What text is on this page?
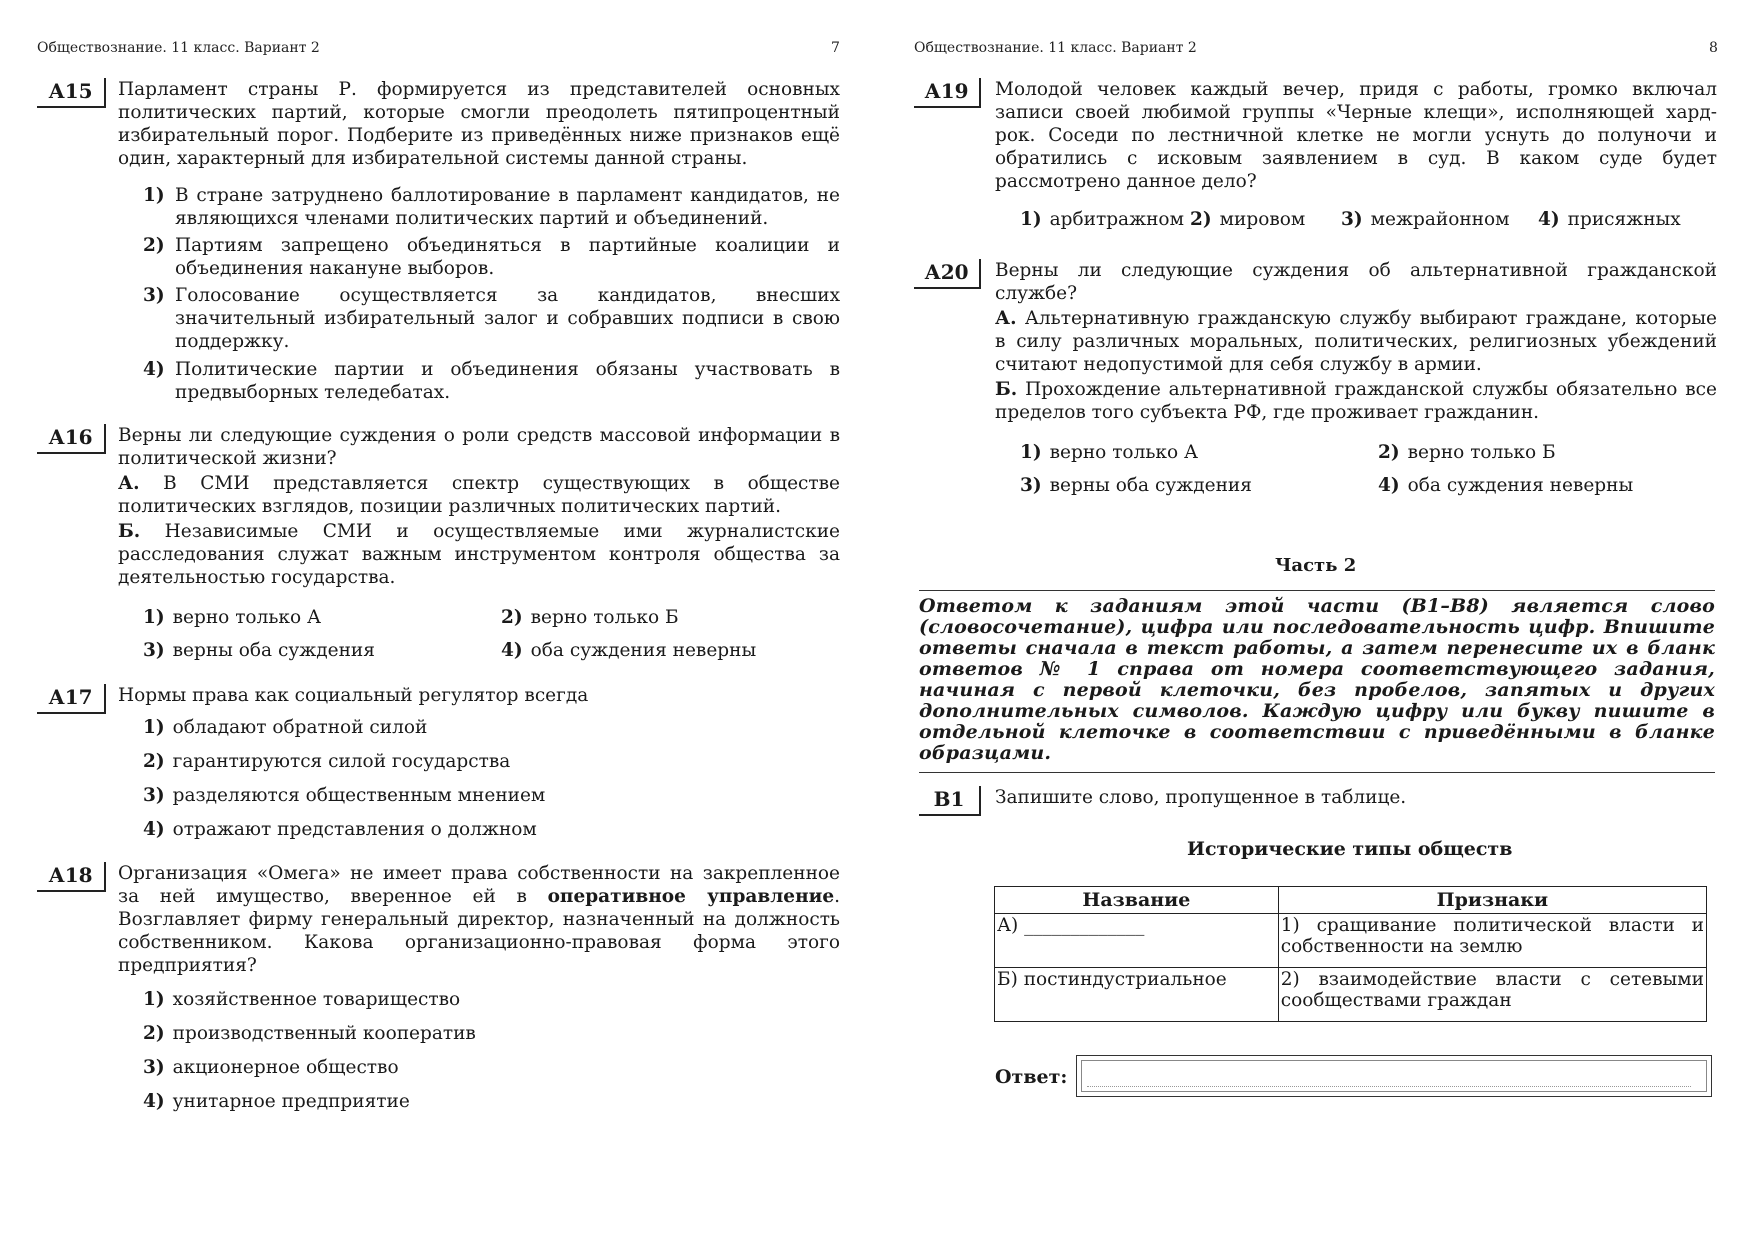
Обществознание. 11 класс. Вариант 2	7
А15	Парламент страны Р. формируется из представителей основных политических партий, которые смогли преодолеть пятипроцентный избирательный порог. Подберите из приведённых ниже признаков ещё один, характерный для избирательной системы данной страны.

1) В стране затруднено баллотирование в парламент кандидатов, не являющихся членами политических партий и объединений.
2) Партиям запрещено объединяться в партийные коалиции и объединения накануне выборов.
3) Голосование осуществляется за кандидатов, внесших значительный избирательный залог и собравших подписи в свою поддержку.
4) Политические партии и объединения обязаны участвовать в предвыборных теледебатах.
А16	Верны ли следующие суждения о роли средств массовой информации в политической жизни?

А. В СМИ представляется спектр существующих в обществе политических взглядов, позиции различных политических партий.

Б. Независимые СМИ и осуществляемые ими журналистские расследования служат важным инструментом контроля общества за деятельностью государства.

1) верно только А	2) верно только Б
3) верны оба суждения	4) оба суждения неверны
А17	Нормы права как социальный регулятор всегда

1) обладают обратной силой
2) гарантируются силой государства
3) разделяются общественным мнением
4) отражают представления о должном
А18	Организация «Омега» не имеет права собственности на закрепленное за ней имущество, вверенное ей в оперативное управление. Возглавляет фирму генеральный директор, назначенный на должность собственником. Какова организационно-правовая форма этого предприятия?

1) хозяйственное товарищество
2) производственный кооператив
3) акционерное общество
4) унитарное предприятие
Обществознание. 11 класс. Вариант 2	8
А19	Молодой человек каждый вечер, придя с работы, громко включал записи своей любимой группы «Черные клещи», исполняющей хард-рок. Соседи по лестничной клетке не могли уснуть до полуночи и обратились с исковым заявлением в суд. В каком суде будет рассмотрено данное дело?

1) арбитражном 2) мировом 3) межрайонном 4) присяжных
А20	Верны ли следующие суждения об альтернативной гражданской службе?

А. Альтернативную гражданскую службу выбирают граждане, которые в силу различных моральных, политических, религиозных убеждений считают недопустимой для себя службу в армии.

Б. Прохождение альтернативной гражданской службы обязательно все пределов того субъекта РФ, где проживает гражданин.

1) верно только А	2) верно только Б
3) верны оба суждения	4) оба суждения неверны
Часть 2
Ответом к заданиям этой части (В1–В8) является слово (словосочетание), цифра или последовательность цифр. Впишите ответы сначала в текст работы, а затем перенесите их в бланк ответов № 1 справа от номера соответствующего задания, начиная с первой клеточки, без пробелов, запятых и других дополнительных символов. Каждую цифру или букву пишите в отдельной клеточке в соответствии с приведёнными в бланке образцами.
В1	Запишите слово, пропущенное в таблице.

Исторические типы обществ
Название	Признаки
А) _____________	1) сращивание политической власти и собственности на землю
Б) постиндустриальное	2) взаимодействие власти с сетевыми сообществами граждан
Ответ:
